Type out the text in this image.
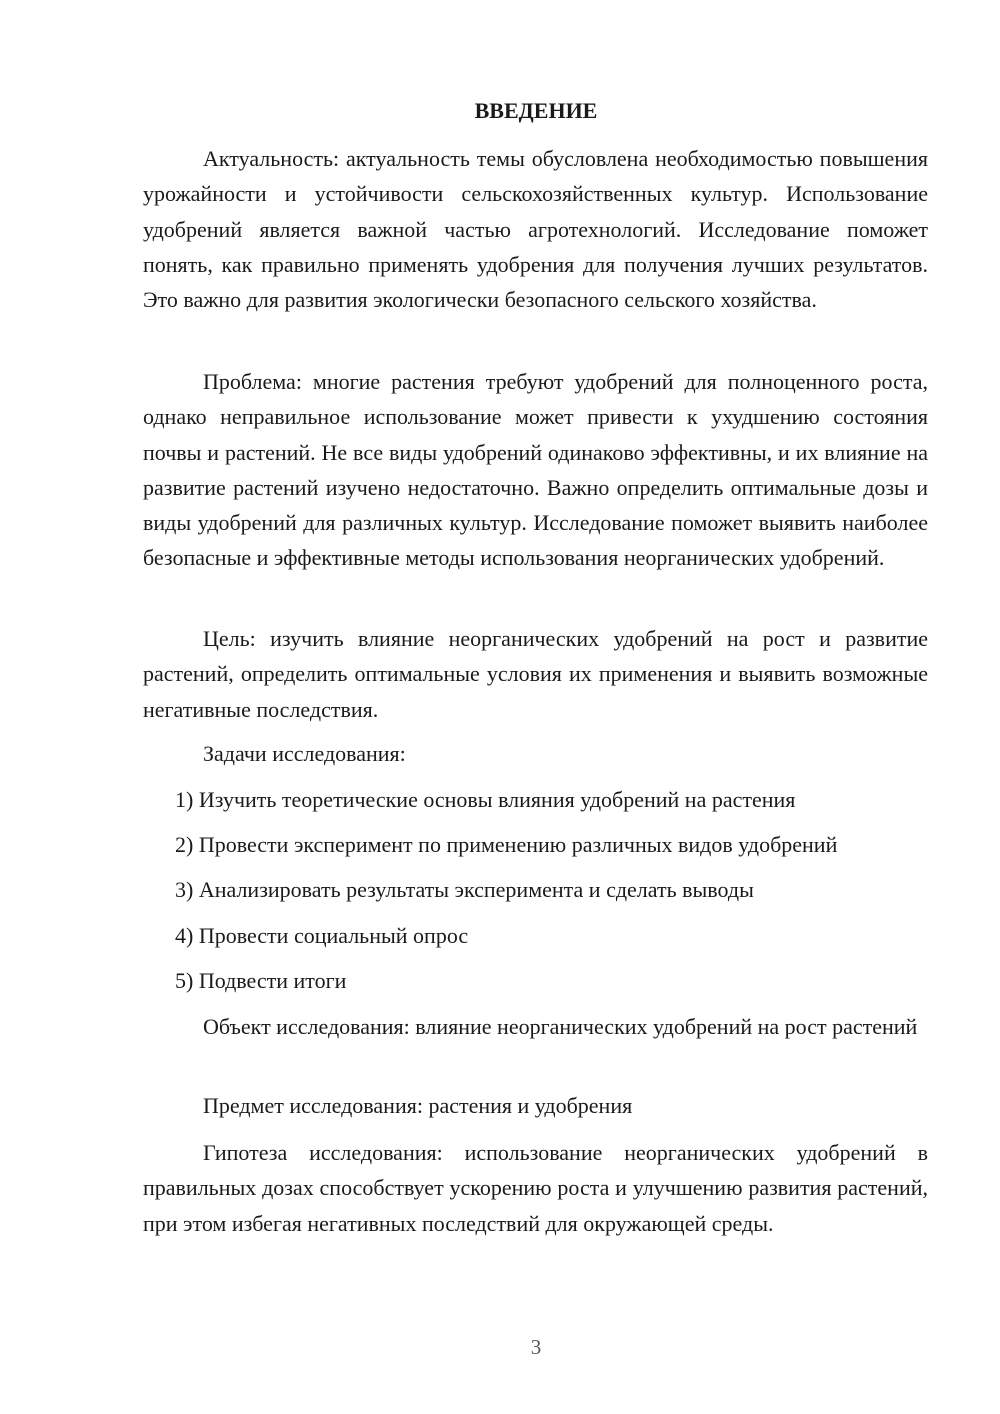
ВВЕДЕНИЕ

Актуальность: актуальность темы обусловлена необходимостью повышения урожайности и устойчивости сельскохозяйственных культур. Использование удобрений является важной частью агротехнологий. Исследование поможет понять, как правильно применять удобрения для получения лучших результатов. Это важно для развития экологически безопасного сельского хозяйства.

Проблема: многие растения требуют удобрений для полноценного роста, однако неправильное использование может привести к ухудшению состояния почвы и растений. Не все виды удобрений одинаково эффективны, и их влияние на развитие растений изучено недостаточно. Важно определить оптимальные дозы и виды удобрений для различных культур. Исследование поможет выявить наиболее безопасные и эффективные методы использования неорганических удобрений.

Цель: изучить влияние неорганических удобрений на рост и развитие растений, определить оптимальные условия их применения и выявить возможные негативные последствия.

Задачи исследования:

1) Изучить теоретические основы влияния удобрений на растения

2) Провести эксперимент по применению различных видов удобрений

3) Анализировать результаты эксперимента и сделать выводы

4) Провести социальный опрос

5) Подвести итоги

Объект исследования: влияние неорганических удобрений на рост растений

Предмет исследования: растения и удобрения

Гипотеза исследования: использование неорганических удобрений в правильных дозах способствует ускорению роста и улучшению развития растений, при этом избегая негативных последствий для окружающей среды.

3
